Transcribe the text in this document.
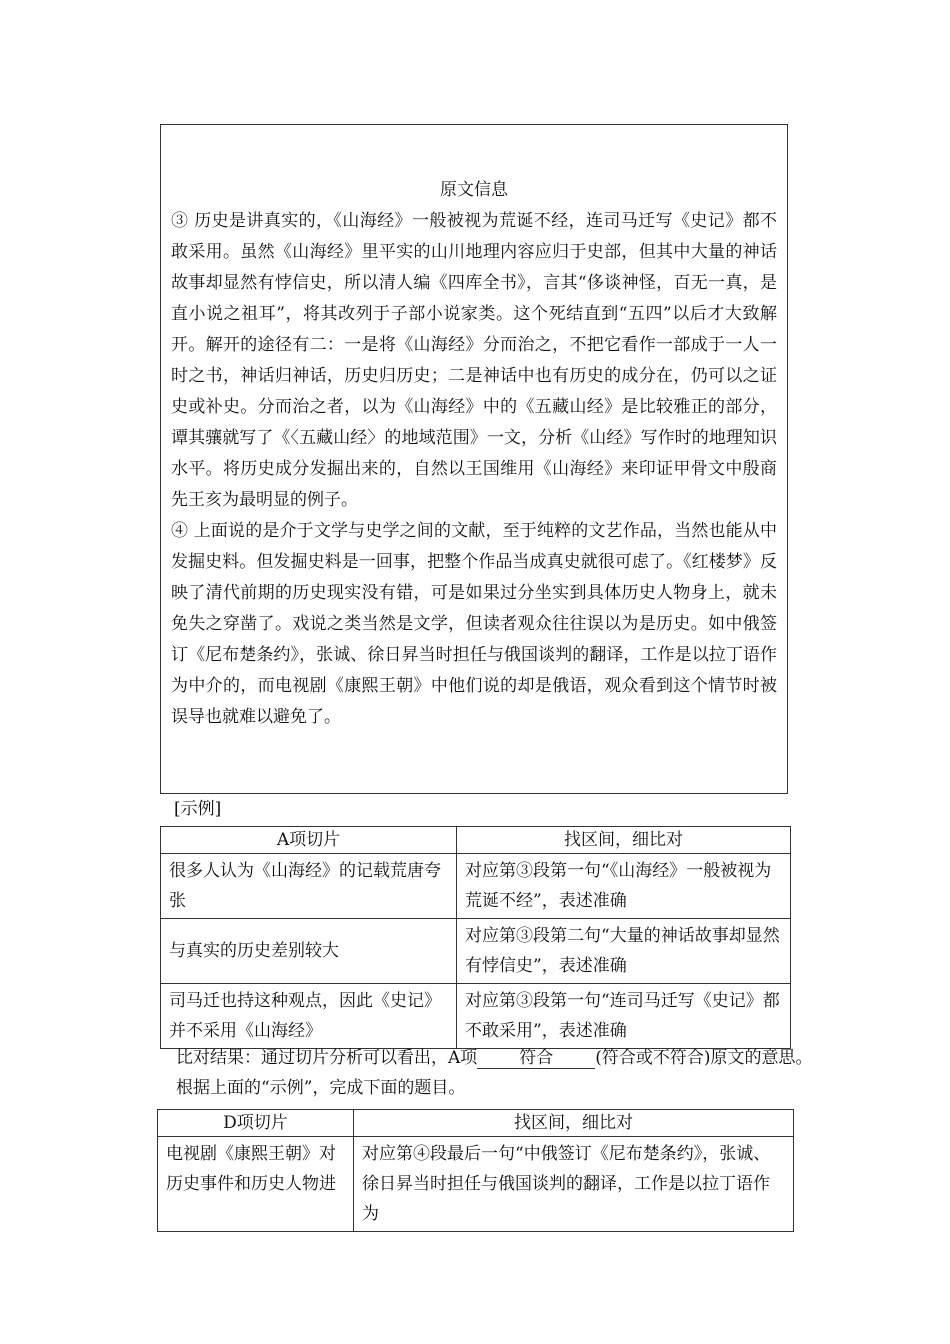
原文信息

③ 历史是讲真实的，《山海经》一般被视为荒诞不经，连司马迁写《史记》都不敢采用。虽然《山海经》里平实的山川地理内容应归于史部，但其中大量的神话故事却显然有悖信史，所以清人编《四库全书》，言其“侈谈神怪，百无一真，是直小说之祖耳”，将其改列于子部小说家类。这个死结直到“五四”以后才大致解开。解开的途径有二：一是将《山海经》分而治之，不把它看作一部成于一人一时之书，神话归神话，历史归历史；二是神话中也有历史的成分在，仍可以之证史或补史。分而治之者，以为《山海经》中的《五藏山经》是比较雅正的部分，谭其骧就写了《〈五藏山经〉的地域范围》一文，分析《山经》写作时的地理知识水平。将历史成分发掘出来的，自然以王国维用《山海经》来印证甲骨文中殷商先王亥为最明显的例子。

④ 上面说的是介于文学与史学之间的文献，至于纯粹的文艺作品，当然也能从中发掘史料。但发掘史料是一回事，把整个作品当成真史就很可虑了。《红楼梦》反映了清代前期的历史现实没有错，可是如果过分坐实到具体历史人物身上，就未免失之穿凿了。戏说之类当然是文学，但读者观众往往误以为是历史。如中俄签订《尼布楚条约》，张诚、徐日昇当时担任与俄国谈判的翻译，工作是以拉丁语作为中介的，而电视剧《康熙王朝》中他们说的却是俄语，观众看到这个情节时被误导也就难以避免了。

[示例]
A项切片	找区间，细比对
很多人认为《山海经》的记载荒唐夸张	对应第③段第一句“《山海经》一般被视为荒诞不经”，表述准确
与真实的历史差别较大	对应第③段第二句“大量的神话故事却显然有悖信史”，表述准确
司马迁也持这种观点，因此《史记》并不采用《山海经》	对应第③段第一句“连司马迁写《史记》都不敢采用”，表述准确
比对结果：通过切片分析可以看出，A项 符合 (符合或不符合)原文的意思。
根据上面的“示例”，完成下面的题目。
D项切片	找区间，细比对
电视剧《康熙王朝》对历史事件和历史人物进	对应第④段最后一句“中俄签订《尼布楚条约》，张诚、徐日昇当时担任与俄国谈判的翻译，工作是以拉丁语作为
